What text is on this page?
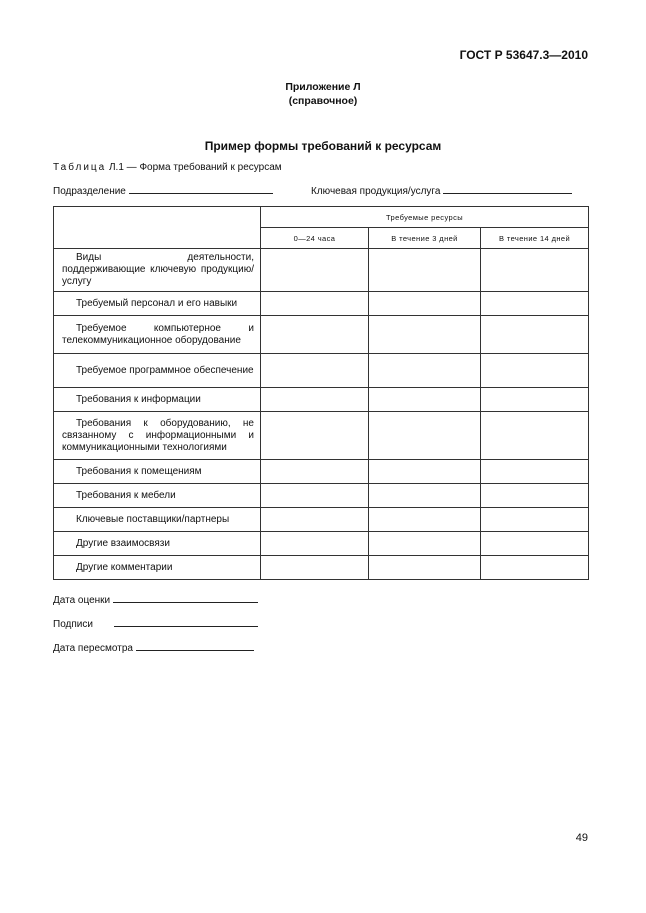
ГОСТ Р 53647.3—2010
Приложение Л
(справочное)
Пример формы требований к ресурсам
Таблица Л.1 — Форма требований к ресурсам
Подразделение	Ключевая продукция/услуга
	Требуемые ресурсы		
	0—24 часа	В течение 3 дней	В течение 14 дней

Виды деятельности, поддерживающие ключевую продукцию/ услугу			

Требуемый персонал и его навыки			

Требуемое компьютерное и телекоммуникационное оборудование			

Требуемое программное обеспечение			

Требования к информации			

Требования к оборудованию, не связанному с информационными и коммуникационными технологиями			

Требования к помещениям			

Требования к мебели			

Ключевые поставщики/партнеры			

Другие взаимосвязи			

Другие комментарии			

Дата оценки
Подписи
Дата пересмотра
49
